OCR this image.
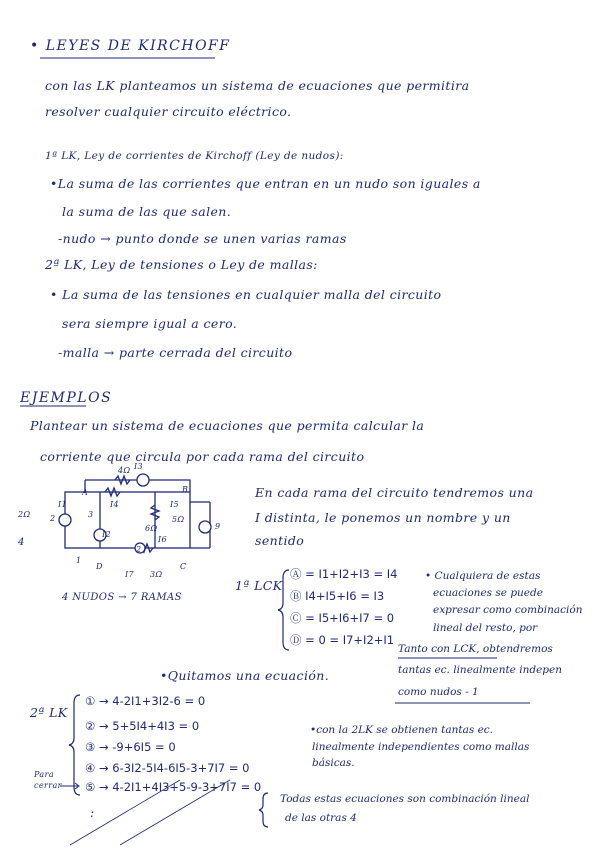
• LEYES DE KIRCHOFF
con las LK planteamos un sistema de ecuaciones que permitira
resolver cualquier circuito eléctrico.
1ª LK, Ley de corrientes de Kirchoff (Ley de nudos):
•La suma de las corrientes que entran en un nudo son iguales a
la suma de las que salen.
-nudo → punto donde se unen varias ramas
2ª LK, Ley de tensiones o Ley de mallas:
• La suma de las tensiones en cualquier malla del circuito
sera siempre igual a cero.
-malla → parte cerrada del circuito
EJEMPLOS
Plantear un sistema de ecuaciones que permita calcular la
corriente que circula por cada rama del circuito
En cada rama del circuito tendremos una
I distinta, le ponemos un nombre y un
sentido
2Ω
4
2
A
3
B
5Ω
4Ω
D	C
3Ω
6Ω	9
1
2
I1
I2
I3
I4	I5
I6
I7
4 NUDOS → 7 RAMAS
1ª LCK
Ⓐ = I1+I2+I3 = I4
Ⓑ I4+I5+I6 = I3
Ⓒ = I5+I6+I7 = 0
Ⓓ = 0 = I7+I2+I1
• Cualquiera de estas
ecuaciones se puede
expresar como combinación
lineal del resto, por
Tanto con LCK, obtendremos
tantas ec. linealmente indepen
como nudos - 1
•Quitamos una ecuación.
2ª LK
① → 4-2I1+3I2-6 = 0
② → 5+5I4+4I3 = 0
③ → -9+6I5 = 0
④ → 6-3I2-5I4-6I5-3+7I7 = 0
⑤ → 4-2I1+4I3+5-9-3+7I7 = 0
•con la 2LK se obtienen tantas ec.
linealmente independientes como mallas
básicas.
Para
cerrar
Todas estas ecuaciones son combinación lineal
de las otras 4
:
